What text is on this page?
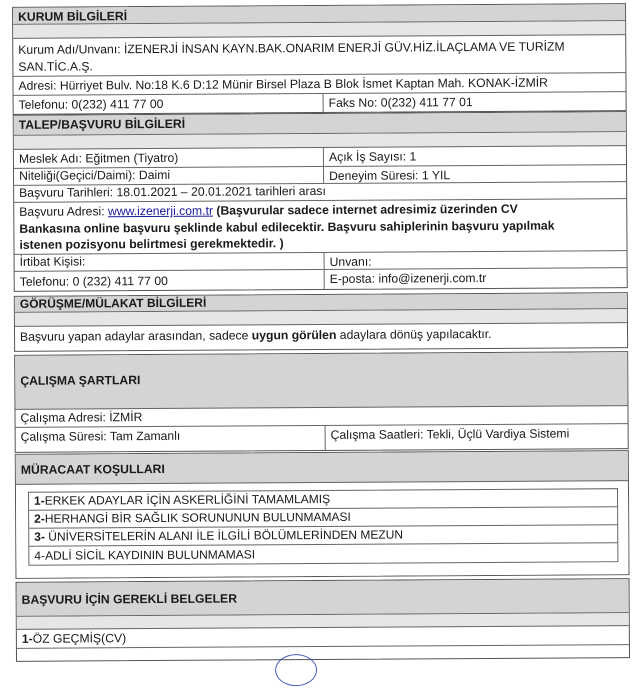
KURUM BİLGİLERİ
Kurum Adı/Unvanı: İZENERJİ İNSAN KAYN.BAK.ONARIM ENERJİ GÜV.HİZ.İLAÇLAMA VE TURİZM
SAN.TİC.A.Ş.
Adresi: Hürriyet Bulv. No:18 K.6 D:12 Münir Birsel Plaza B Blok İsmet Kaptan Mah. KONAK-İZMİR
Telefonu: 0(232) 411 77 00	Faks No: 0(232) 411 77 01
TALEP/BAŞVURU BİLGİLERİ
Meslek Adı: Eğitmen (Tiyatro)	Açık İş Sayısı: 1
Niteliği(Geçici/Daimi): Daimi	Deneyim Süresi: 1 YIL
Başvuru Tarihleri: 18.01.2021 – 20.01.2021 tarihleri arası
Başvuru Adresi: www.izenerji.com.tr (Başvurular sadece internet adresimiz üzerinden CV
Bankasına online başvuru şeklinde kabul edilecektir. Başvuru sahiplerinin başvuru yapılmak
istenen pozisyonu belirtmesi gerekmektedir. )
İrtibat Kişisi:	Unvanı:
Telefonu: 0 (232) 411 77 00	E-posta: info@izenerji.com.tr
GÖRÜŞME/MÜLAKAT BİLGİLERİ
Başvuru yapan adaylar arasından, sadece uygun görülen adaylara dönüş yapılacaktır.
ÇALIŞMA ŞARTLARI
Çalışma Adresi: İZMİR
Çalışma Süresi: Tam Zamanlı	Çalışma Saatleri: Tekli, Üçlü Vardiya Sistemi
MÜRACAAT KOŞULLARI
1-ERKEK ADAYLAR İÇİN ASKERLİĞİNİ TAMAMLAMIŞ
2-HERHANGİ BİR SAĞLIK SORUNUNUN BULUNMAMASI
3- ÜNİVERSİTELERİN ALANI İLE İLGİLİ BÖLÜMLERİNDEN MEZUN
4-ADLİ SİCİL KAYDININ BULUNMAMASI
BAŞVURU İÇİN GEREKLİ BELGELER
1-ÖZ GEÇMİŞ(CV)
